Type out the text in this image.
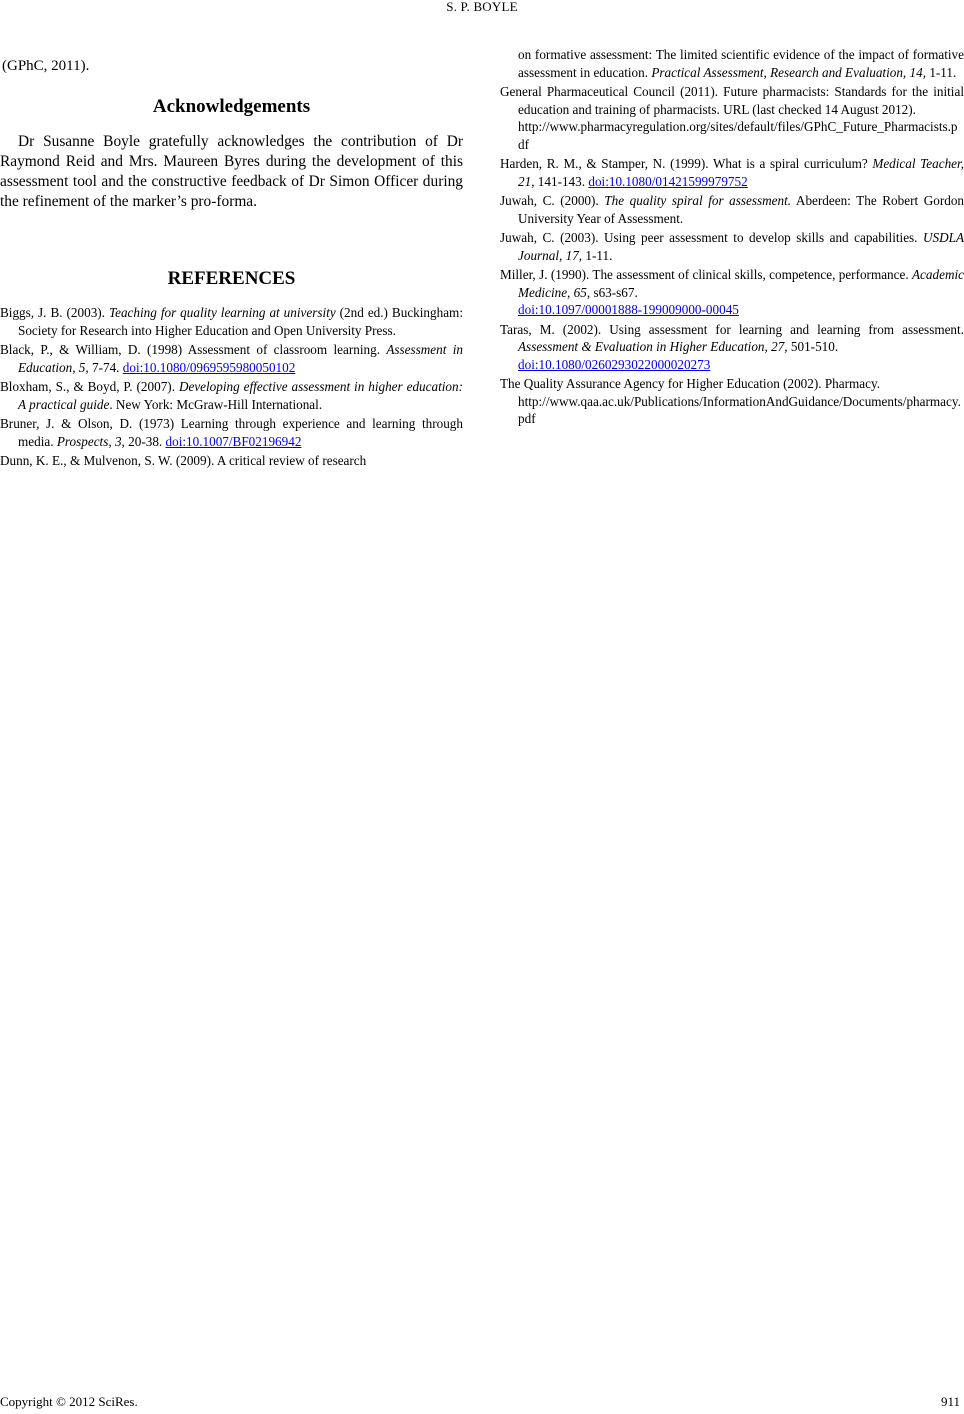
S. P. BOYLE
(GPhC, 2011).
Acknowledgements
Dr Susanne Boyle gratefully acknowledges the contribution of Dr Raymond Reid and Mrs. Maureen Byres during the development of this assessment tool and the constructive feedback of Dr Simon Officer during the refinement of the marker’s pro-forma.
REFERENCES

Biggs, J. B. (2003). Teaching for quality learning at university (2nd ed.) Buckingham: Society for Research into Higher Education and Open University Press.

Black, P., & William, D. (1998) Assessment of classroom learning. Assessment in Education, 5, 7-74. doi:10.1080/0969595980050102

Bloxham, S., & Boyd, P. (2007). Developing effective assessment in higher education: A practical guide. New York: McGraw-Hill International.

Bruner, J. & Olson, D. (1973) Learning through experience and learning through media. Prospects, 3, 20-38. doi:10.1007/BF02196942

Dunn, K. E., & Mulvenon, S. W. (2009). A critical review of research

on formative assessment: The limited scientific evidence of the impact of formative assessment in education. Practical Assessment, Research and Evaluation, 14, 1-11.

General Pharmaceutical Council (2011). Future pharmacists: Standards for the initial education and training of pharmacists. URL (last checked 14 August 2012).
http://www.pharmacyregulation.org/sites/default/files/GPhC_Future_Pharmacists.pdf

Harden, R. M., & Stamper, N. (1999). What is a spiral curriculum? Medical Teacher, 21, 141-143. doi:10.1080/01421599979752

Juwah, C. (2000). The quality spiral for assessment. Aberdeen: The Robert Gordon University Year of Assessment.

Juwah, C. (2003). Using peer assessment to develop skills and capabilities. USDLA Journal, 17, 1-11.

Miller, J. (1990). The assessment of clinical skills, competence, performance. Academic Medicine, 65, s63-s67.
doi:10.1097/00001888-199009000-00045

Taras, M. (2002). Using assessment for learning and learning from assessment. Assessment & Evaluation in Higher Education, 27, 501-510.
doi:10.1080/0260293022000020273

The Quality Assurance Agency for Higher Education (2002). Pharmacy.
http://www.qaa.ac.uk/Publications/InformationAndGuidance/Documents/pharmacy.pdf

Copyright © 2012 SciRes.	911
